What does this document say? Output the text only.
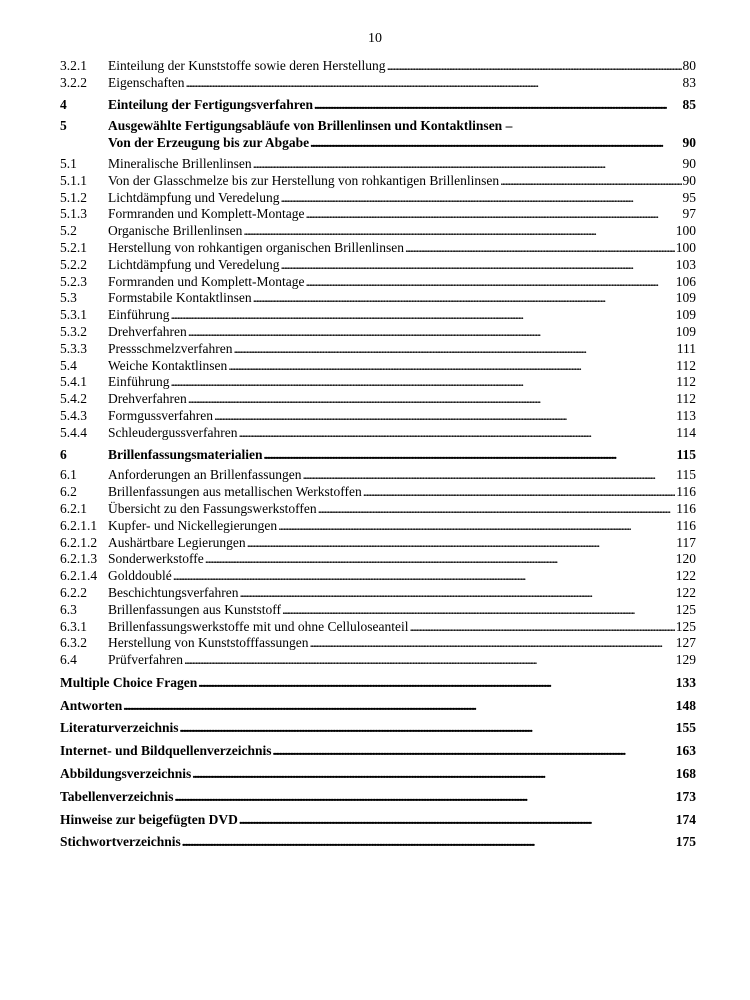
10
3.2.1	Einteilung der Kunststoffe sowie deren Herstellung . . .	80
3.2.2	Eigenschaften . . .	83
4	Einteilung der Fertigungsverfahren . . .	85
5	Ausgewählte Fertigungsabläufe von Brillenlinsen und Kontaktlinsen –
Von der Erzeugung bis zur Abgabe . . .	90
5.1	Mineralische Brillenlinsen . . .	90
5.1.1	Von der Glasschmelze bis zur Herstellung von rohkantigen Brillenlinsen . . .	90
5.1.2	Lichtdämpfung und Veredelung . . .	95
5.1.3	Formranden und Komplett-Montage . . .	97
5.2	Organische Brillenlinsen . . .	100
5.2.1	Herstellung von rohkantigen organischen Brillenlinsen . . .	100
5.2.2	Lichtdämpfung und Veredelung . . .	103
5.2.3	Formranden und Komplett-Montage . . .	106
5.3	Formstabile Kontaktlinsen . . .	109
5.3.1	Einführung . . .	109
5.3.2	Drehverfahren . . .	109
5.3.3	Pressschmelzverfahren . . .	111
5.4	Weiche Kontaktlinsen . . .	112
5.4.1	Einführung . . .	112
5.4.2	Drehverfahren . . .	112
5.4.3	Formgussverfahren . . .	113
5.4.4	Schleudergussverfahren . . .	114
6	Brillenfassungsmaterialien . . .	115
6.1	Anforderungen an Brillenfassungen . . .	115
6.2	Brillenfassungen aus metallischen Werkstoffen . . .	116
6.2.1	Übersicht zu den Fassungswerkstoffen . . .	116
6.2.1.1 Kupfer- und Nickellegierungen . . .	116
6.2.1.2 Aushärtbare Legierungen . . .	117
6.2.1.3 Sonderwerkstoffe . . .	120
6.2.1.4 Golddoublé . . .	122
6.2.2	Beschichtungsverfahren . . .	122
6.3	Brillenfassungen aus Kunststoff . . .	125
6.3.1	Brillenfassungswerkstoffe mit und ohne Celluloseanteil . . .	125
6.3.2	Herstellung von Kunststofffassungen . . .	127
6.4	Prüfverfahren . . .	129
Multiple Choice Fragen . . .	133
Antworten . . .	148
Literaturverzeichnis . . .	155
Internet- und Bildquellenverzeichnis . . .	163
Abbildungsverzeichnis . . .	168
Tabellenverzeichnis . . .	173
Hinweise zur beigefügten DVD . . .	174
Stichwortverzeichnis . . .	175
